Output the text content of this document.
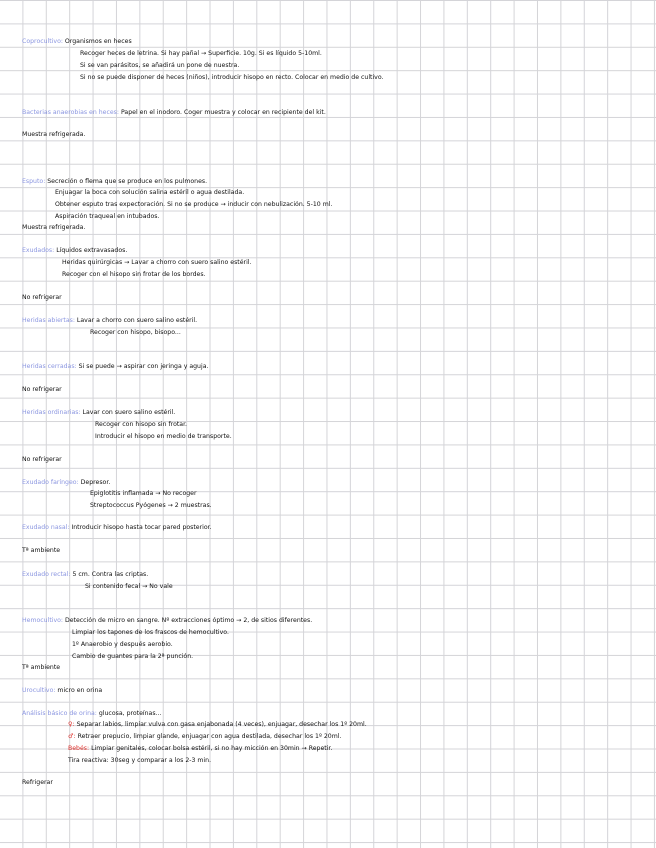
Coprocultivo: Organismos en heces
Recoger heces de letrina. Si hay pañal → Superficie. 10g. Si es líquido 5-10ml.
Si se van parásitos, se añadirá un pone de nuestra.
Si no se puede disponer de heces (niños), introducir hisopo en recto. Colocar en medio de cultivo.
Bacterias anaerobias en heces: Papel en el inodoro. Coger muestra y colocar en recipiente del kit.
Muestra refrigerada.
Esputo: Secreción o flema que se produce en los pulmones.
Enjuagar la boca con solución salina estéril o agua destilada.
Obtener esputo tras expectoración. Si no se produce → inducir con nebulización. 5-10 ml.
Aspiración traqueal en intubados.
Muestra refrigerada.
Exudados: Líquidos extravasados.
Heridas quirúrgicas → Lavar a chorro con suero salino estéril.
Recoger con el hisopo sin frotar de los bordes.
No refrigerar
Heridas abiertas: Lavar a chorro con suero salino estéril.
Recoger con hisopo, bisopo...
Heridas cerradas: Si se puede → aspirar con jeringa y aguja.
No refrigerar
Heridas ordinarias: Lavar con suero salino estéril.
Recoger con hisopo sin frotar.
Introducir el hisopo en medio de transporte.
No refrigerar
Exudado faríngeo: Depresor.
Epiglotitis inflamada → No recoger
Streptococcus Pyógenes → 2 muestras.
Exudado nasal: Introducir hisopo hasta tocar pared posterior.
Tª ambiente
Exudado rectal: 5 cm. Contra las criptas.
Si contenido fecal → No vale
Hemocultivo: Detección de micro en sangre. Nº extracciones óptimo → 2, de sitios diferentes.
Limpiar los tapones de los frascos de hemocultivo.
1º Anaerobio y después aerobio.
Cambio de guantes para la 2ª punción.
Tª ambiente
Urocultivo: micro en orina
Análisis básico de orina: glucosa, proteínas...
♀: Separar labios, limpiar vulva con gasa enjabonada (4 veces), enjuagar, desechar los 1º 20ml.
♂: Retraer prepucio, limpiar glande, enjuagar con agua destilada, desechar los 1º 20ml.
Bebés: Limpiar genitales, colocar bolsa estéril, si no hay micción en 30min → Repetir.
Tira reactiva: 30seg y comparar a los 2-3 min.
Refrigerar
